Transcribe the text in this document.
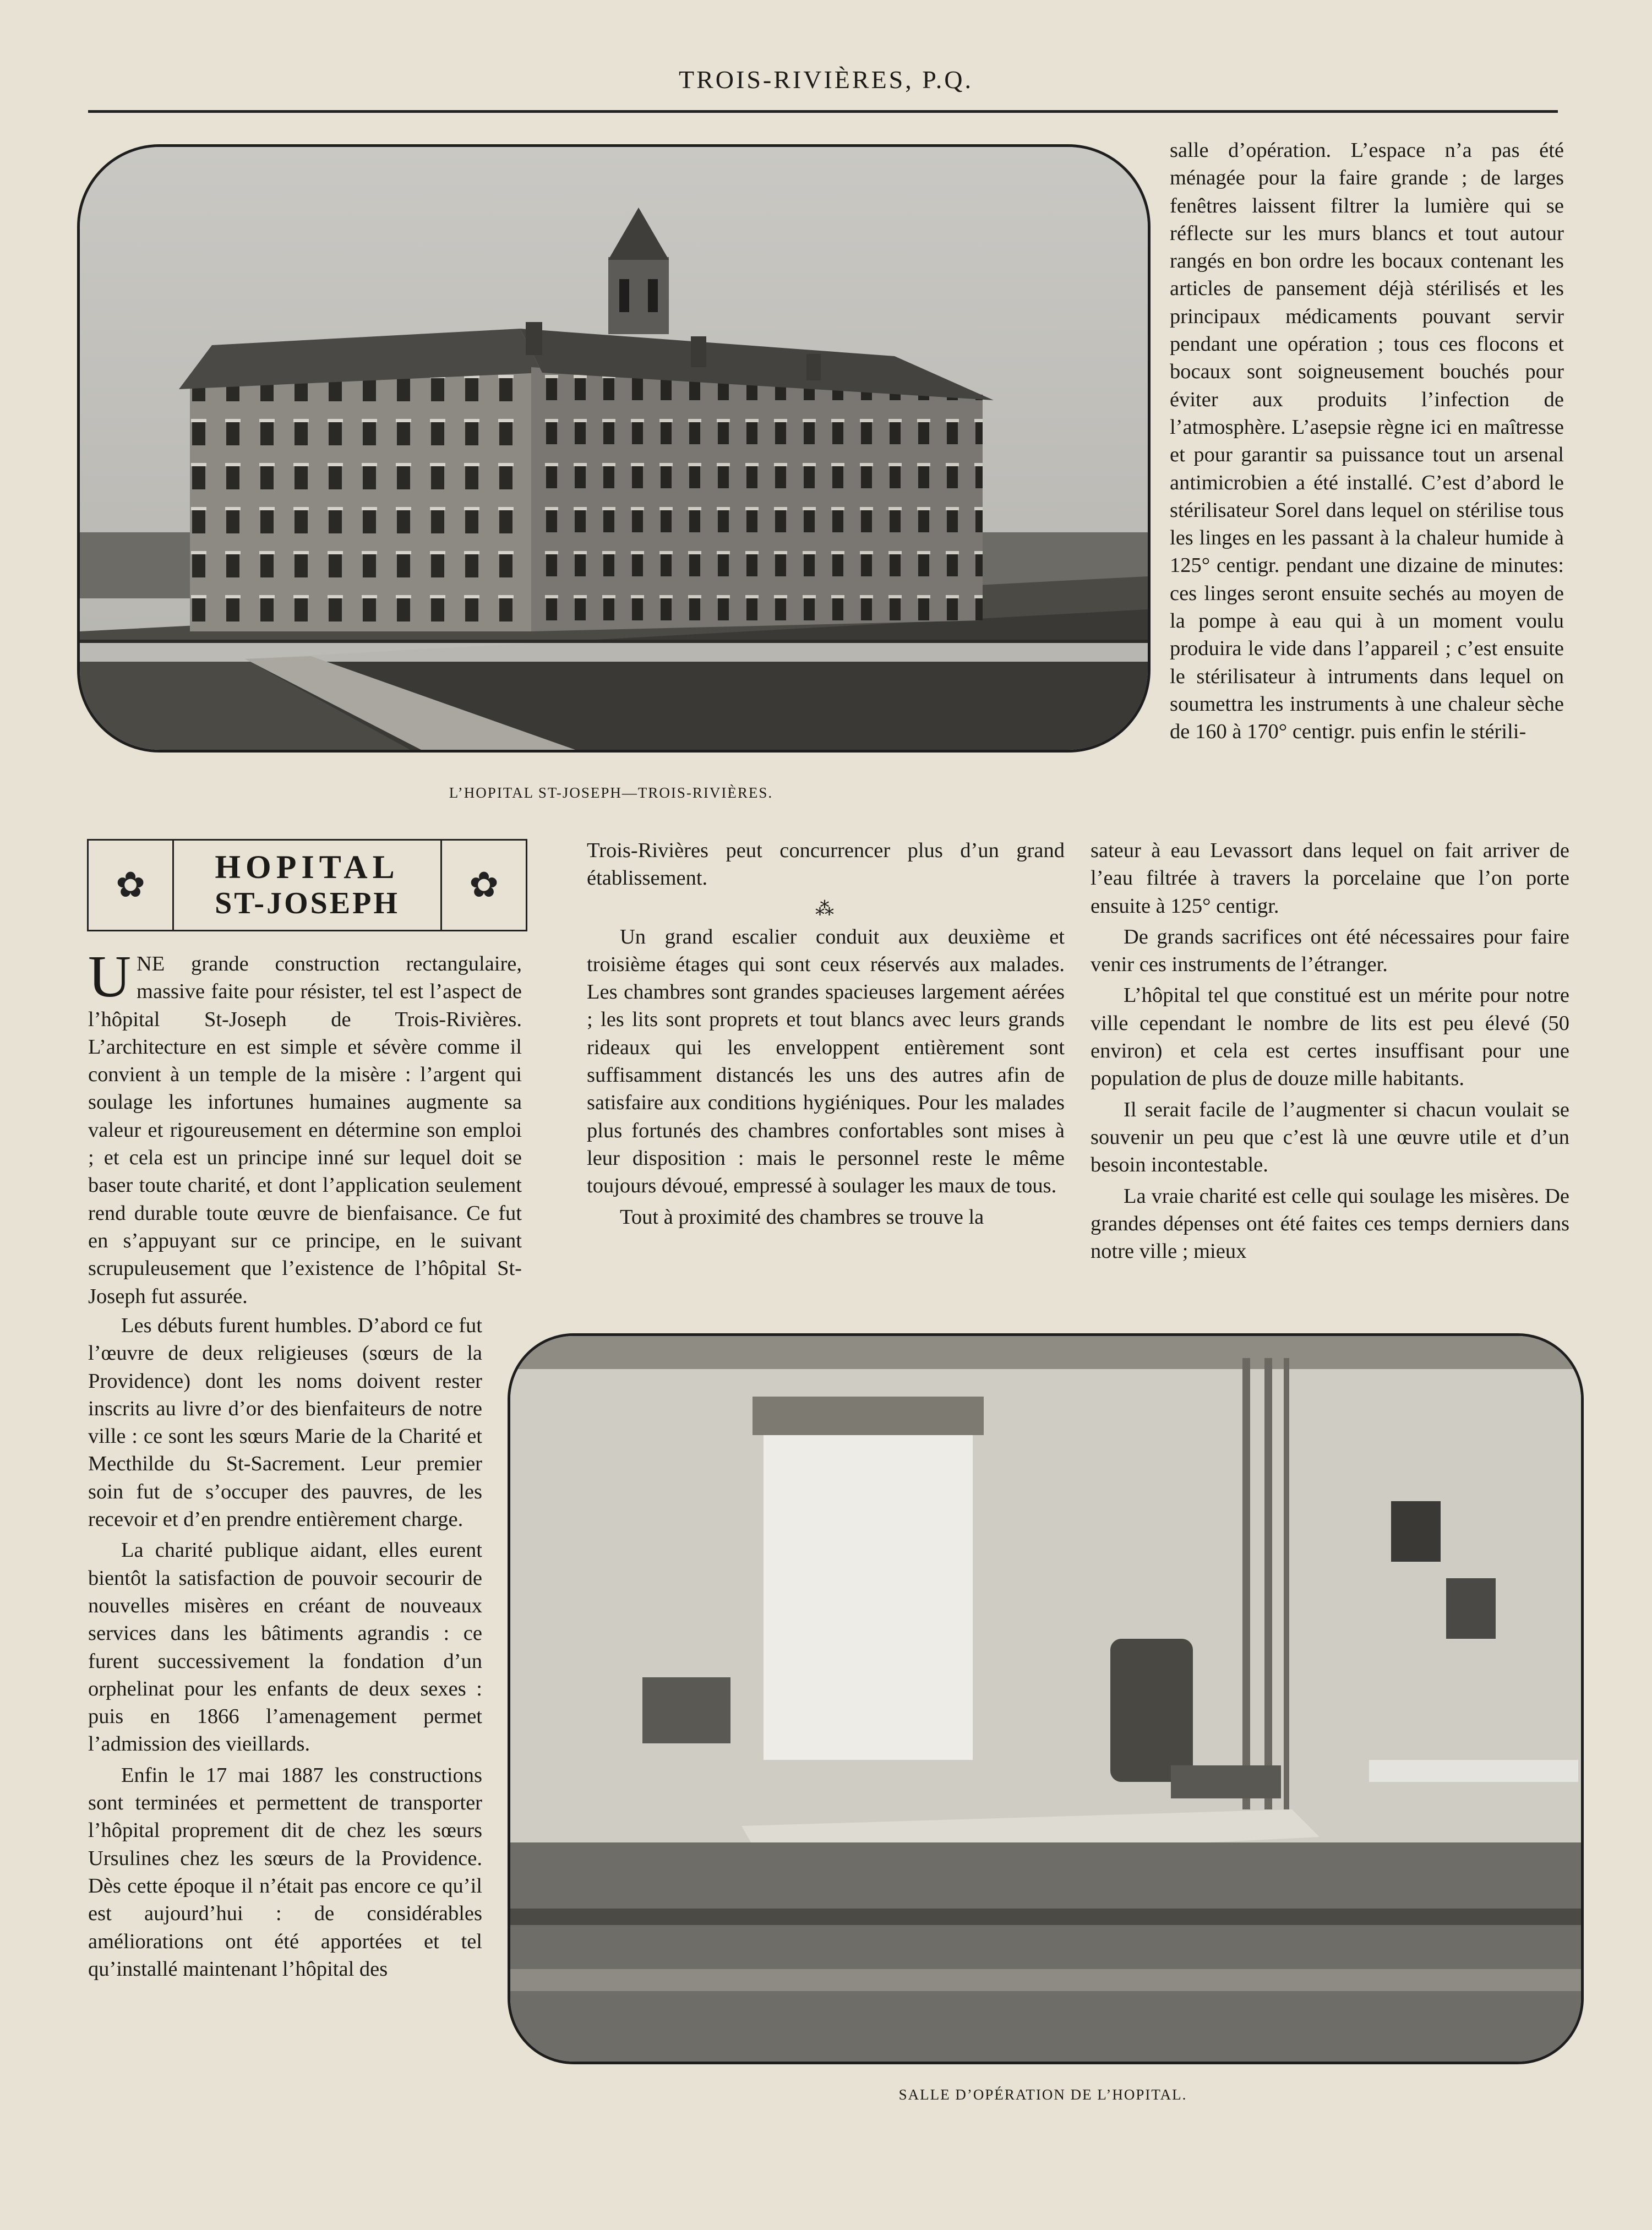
TROIS-RIVIÈRES, P.Q.
L’HOPITAL ST-JOSEPH—TROIS-RIVIÈRES.
✿	HOPITAL
ST-JOSEPH	✿

UNE grande construction rectangulaire, massive faite pour résister, tel est l’aspect de l’hôpital St-Joseph de Trois-Rivières. L’architecture en est simple et sévère comme il convient à un temple de la misère : l’argent qui soulage les infortunes humaines augmente sa valeur et rigoureusement en détermine son emploi ; et cela est un principe inné sur lequel doit se baser toute charité, et dont l’application seulement rend durable toute œuvre de bienfaisance. Ce fut en s’appuyant sur ce principe, en le suivant scrupuleusement que l’existence de l’hôpital St-Joseph fut assurée.

Les débuts furent humbles. D’abord ce fut l’œuvre de deux religieuses (sœurs de la Providence) dont les noms doivent rester inscrits au livre d’or des bienfaiteurs de notre ville : ce sont les sœurs Marie de la Charité et Mecthilde du St-Sacrement. Leur premier soin fut de s’occuper des pauvres, de les recevoir et d’en prendre entièrement charge.

La charité publique aidant, elles eurent bientôt la satisfaction de pouvoir secourir de nouvelles misères en créant de nouveaux services dans les bâtiments agrandis : ce furent successivement la fondation d’un orphelinat pour les enfants de deux sexes : puis en 1866 l’amenagement permet l’admission des vieillards.

Enfin le 17 mai 1887 les constructions sont terminées et permettent de transporter l’hôpital proprement dit de chez les sœurs Ursulines chez les sœurs de la Providence. Dès cette époque il n’était pas encore ce qu’il est aujourd’hui : de considérables améliorations ont été apportées et tel qu’installé maintenant l’hôpital des

Trois-Rivières peut concurrencer plus d’un grand établissement.

⁂

Un grand escalier conduit aux deuxième et troisième étages qui sont ceux réservés aux malades. Les chambres sont grandes spacieuses largement aérées ; les lits sont proprets et tout blancs avec leurs grands rideaux qui les enveloppent entièrement sont suffisamment distancés les uns des autres afin de satisfaire aux conditions hygiéniques. Pour les malades plus fortunés des chambres confortables sont mises à leur disposition : mais le personnel reste le même toujours dévoué, empressé à soulager les maux de tous.

Tout à proximité des chambres se trouve la

salle d’opération. L’espace n’a pas été ménagée pour la faire grande ; de larges fenêtres laissent filtrer la lumière qui se réflecte sur les murs blancs et tout autour rangés en bon ordre les bocaux contenant les articles de pansement déjà stérilisés et les principaux médicaments pouvant servir pendant une opération ; tous ces flocons et bocaux sont soigneusement bouchés pour éviter aux produits l’infection de l’atmosphère. L’asepsie règne ici en maîtresse et pour garantir sa puissance tout un arsenal antimicrobien a été installé. C’est d’abord le stérilisateur Sorel dans lequel on stérilise tous les linges en les passant à la chaleur humide à 125° centigr. pendant une dizaine de minutes: ces linges seront ensuite sechés au moyen de la pompe à eau qui à un moment voulu produira le vide dans l’appareil ; c’est ensuite le stérilisateur à intruments dans lequel on soumettra les instruments à une chaleur sèche de 160 à 170° centigr. puis enfin le stérili-

sateur à eau Levassort dans lequel on fait arriver de l’eau filtrée à travers la porcelaine que l’on porte ensuite à 125° centigr.

De grands sacrifices ont été nécessaires pour faire venir ces instruments de l’étranger.

L’hôpital tel que constitué est un mérite pour notre ville cependant le nombre de lits est peu élevé (50 environ) et cela est certes insuffisant pour une population de plus de douze mille habitants.

Il serait facile de l’augmenter si chacun voulait se souvenir un peu que c’est là une œuvre utile et d’un besoin incontestable.

La vraie charité est celle qui soulage les misères. De grandes dépenses ont été faites ces temps derniers dans notre ville ; mieux

SALLE D’OPÉRATION DE L’HOPITAL.
